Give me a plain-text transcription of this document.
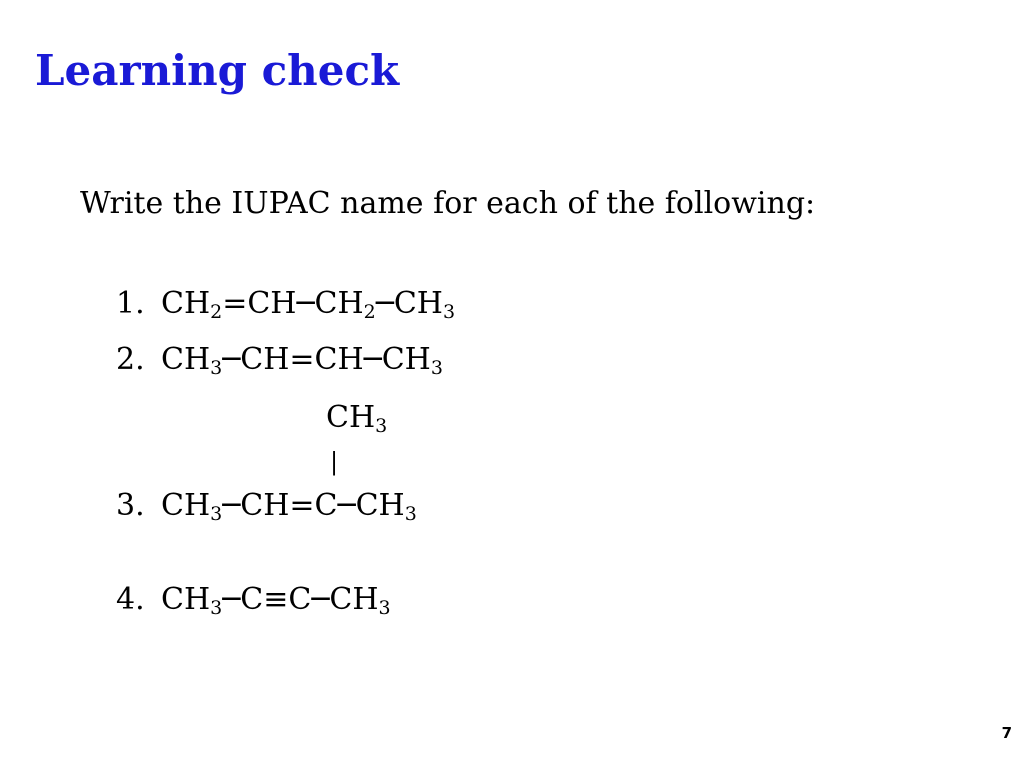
Learning check

Write the IUPAC name for each of the following:

1. $CH_2=CH─CH_2─CH_3$
2. $CH_3─CH=CH─CH_3$
$CH_3$
|
3. $CH_3─CH=C─CH_3$
4. $CH_3─C\equiv C─CH_3$

7
